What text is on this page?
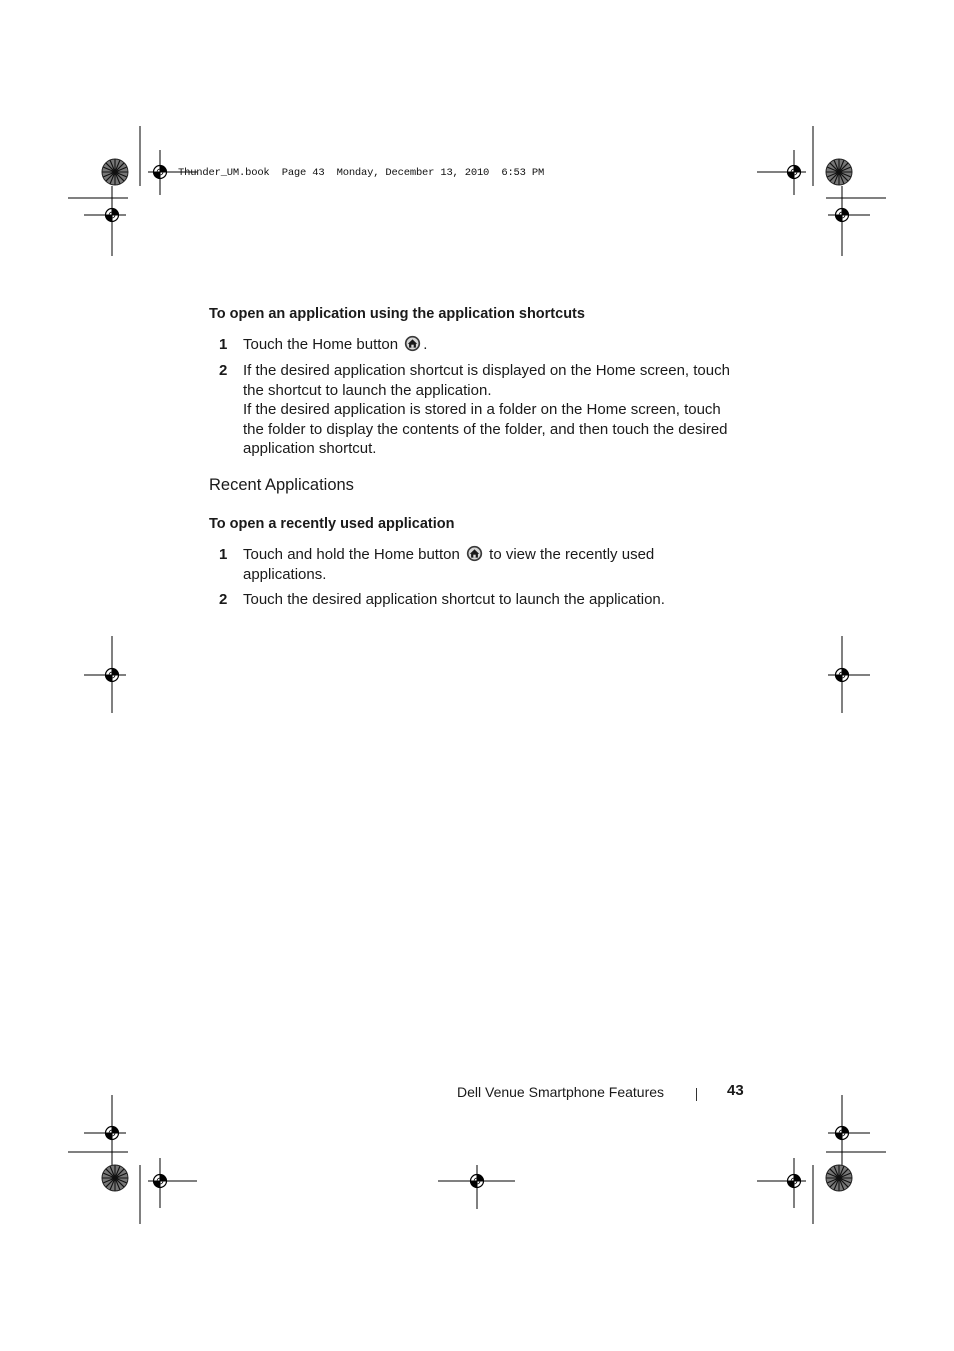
Thunder_UM.book  Page 43  Monday, December 13, 2010  6:53 PM
To open an application using the application shortcuts
1 Touch the Home button .
2 If the desired application shortcut is displayed on the Home screen, touch the shortcut to launch the application.
If the desired application is stored in a folder on the Home screen, touch the folder to display the contents of the folder, and then touch the desired application shortcut.
Recent Applications
To open a recently used application
1 Touch and hold the Home button  to view the recently used applications.
2 Touch the desired application shortcut to launch the application.
Dell Venue Smartphone Features	43
